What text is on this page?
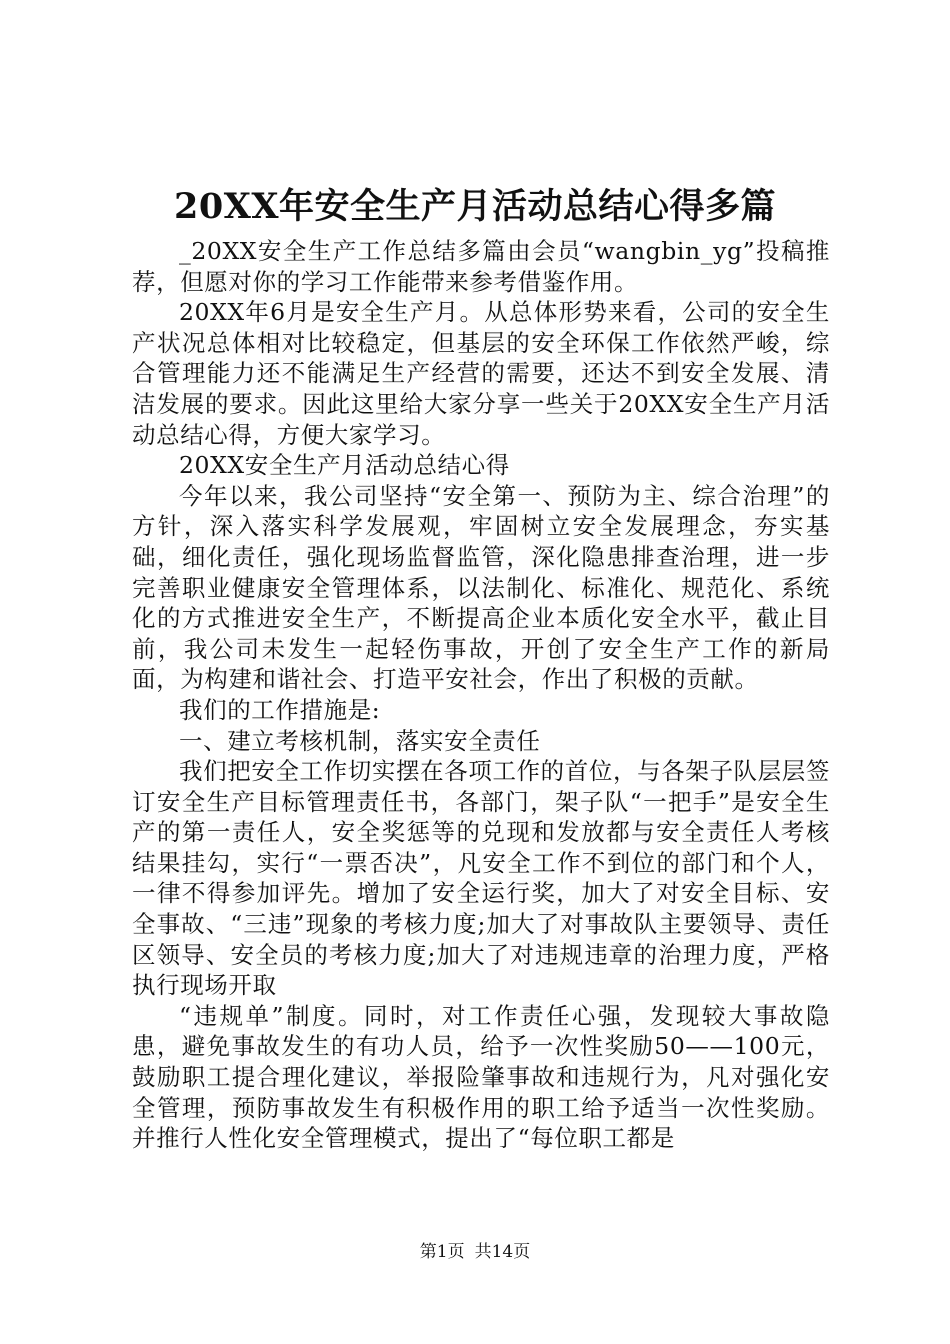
20XX年安全生产月活动总结心得多篇

_20XX安全生产工作总结多篇由会员“wangbin_yg”投稿推荐，但愿对你的学习工作能带来参考借鉴作用。

20XX年6月是安全生产月。从总体形势来看，公司的安全生产状况总体相对比较稳定，但基层的安全环保工作依然严峻，综合管理能力还不能满足生产经营的需要，还达不到安全发展、清洁发展的要求。因此这里给大家分享一些关于20XX安全生产月活动总结心得，方便大家学习。

20XX安全生产月活动总结心得

今年以来，我公司坚持“安全第一、预防为主、综合治理”的方针，深入落实科学发展观，牢固树立安全发展理念，夯实基础，细化责任，强化现场监督监管，深化隐患排查治理，进一步完善职业健康安全管理体系，以法制化、标准化、规范化、系统化的方式推进安全生产，不断提高企业本质化安全水平，截止目前，我公司未发生一起轻伤事故，开创了安全生产工作的新局面，为构建和谐社会、打造平安社会，作出了积极的贡献。

我们的工作措施是:

一、建立考核机制，落实安全责任

我们把安全工作切实摆在各项工作的首位，与各架子队层层签订安全生产目标管理责任书，各部门，架子队“一把手”是安全生产的第一责任人，安全奖惩等的兑现和发放都与安全责任人考核结果挂勾，实行“一票否决”，凡安全工作不到位的部门和个人，一律不得参加评先。增加了安全运行奖，加大了对安全目标、安全事故、“三违”现象的考核力度;加大了对事故队主要领导、责任区领导、安全员的考核力度;加大了对违规违章的治理力度，严格执行现场开取

“违规单”制度。同时，对工作责任心强，发现较大事故隐患，避免事故发生的有功人员，给予一次性奖励50——100元，鼓励职工提合理化建议，举报险肇事故和违规行为，凡对强化安全管理，预防事故发生有积极作用的职工给予适当一次性奖励。并推行人性化安全管理模式，提出了“每位职工都是

第1页 共14页
